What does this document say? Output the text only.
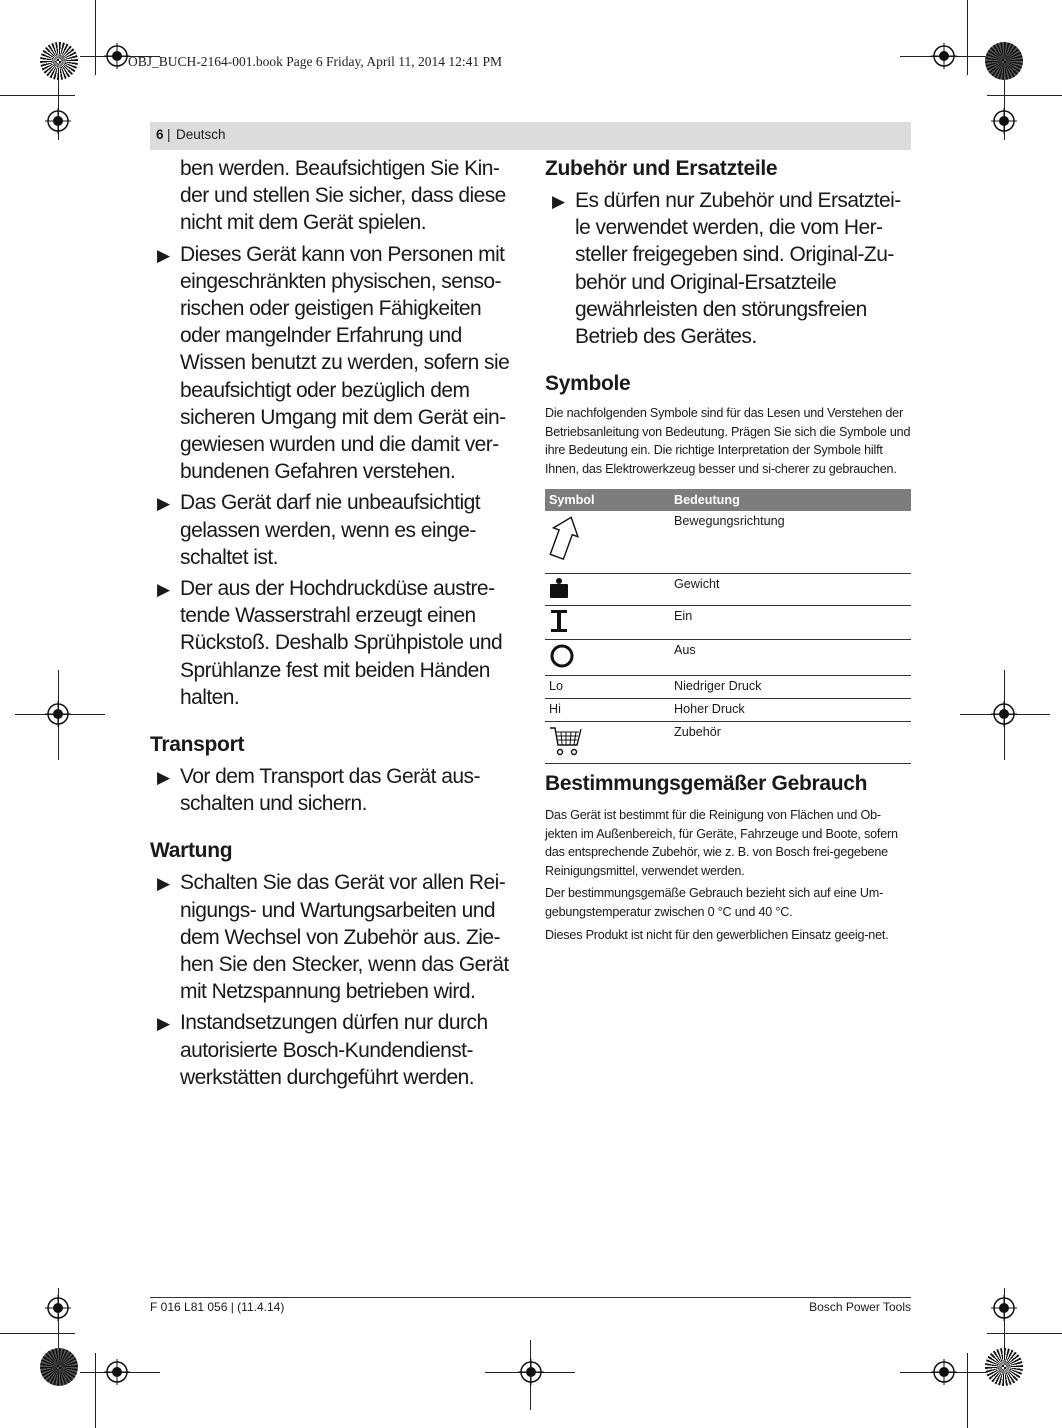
OBJ_BUCH-2164-001.book Page 6 Friday, April 11, 2014 12:41 PM
6 | Deutsch

ben werden. Beaufsichtigen Sie Kin-der und stellen Sie sicher, dass diese nicht mit dem Gerät spielen.

▶ Dieses Gerät kann von Personen mit eingeschränkten physischen, senso-rischen oder geistigen Fähigkeiten oder mangelnder Erfahrung und Wissen benutzt zu werden, sofern sie beaufsichtigt oder bezüglich dem sicheren Umgang mit dem Gerät ein-gewiesen wurden und die damit ver-bundenen Gefahren verstehen.
▶ Das Gerät darf nie unbeaufsichtigt gelassen werden, wenn es einge-schaltet ist.
▶ Der aus der Hochdruckdüse austre-tende Wasserstrahl erzeugt einen Rückstoß. Deshalb Sprühpistole und Sprühlanze fest mit beiden Händen halten.
Transport
▶ Vor dem Transport das Gerät aus-schalten und sichern.
Wartung
▶ Schalten Sie das Gerät vor allen Rei-nigungs- und Wartungsarbeiten und dem Wechsel von Zubehör aus. Zie-hen Sie den Stecker, wenn das Gerät mit Netzspannung betrieben wird.
▶ Instandsetzungen dürfen nur durch autorisierte Bosch-Kundendienst-werkstätten durchgeführt werden.
Zubehör und Ersatzteile
▶ Es dürfen nur Zubehör und Ersatztei-le verwendet werden, die vom Her-steller freigegeben sind. Original-Zu-behör und Original-Ersatzteile gewährleisten den störungsfreien Betrieb des Gerätes.
Symbole

Die nachfolgenden Symbole sind für das Lesen und Verstehen der Betriebsanleitung von Bedeutung. Prägen Sie sich die Symbole und ihre Bedeutung ein. Die richtige Interpretation der Symbole hilft Ihnen, das Elektrowerkzeug besser und si-cherer zu gebrauchen.

Symbol	Bedeutung
	Bewegungsrichtung
	Gewicht
	Ein
	Aus
Lo	Niedriger Druck
Hi	Hoher Druck
	Zubehör
Bestimmungsgemäßer Gebrauch

Das Gerät ist bestimmt für die Reinigung von Flächen und Ob-jekten im Außenbereich, für Geräte, Fahrzeuge und Boote, sofern das entsprechende Zubehör, wie z. B. von Bosch frei-gegebene Reinigungsmittel, verwendet werden.

Der bestimmungsgemäße Gebrauch bezieht sich auf eine Um-gebungstemperatur zwischen 0 °C und 40 °C.

Dieses Produkt ist nicht für den gewerblichen Einsatz geeig-net.

F 016 L81 056 | (11.4.14)	Bosch Power Tools
